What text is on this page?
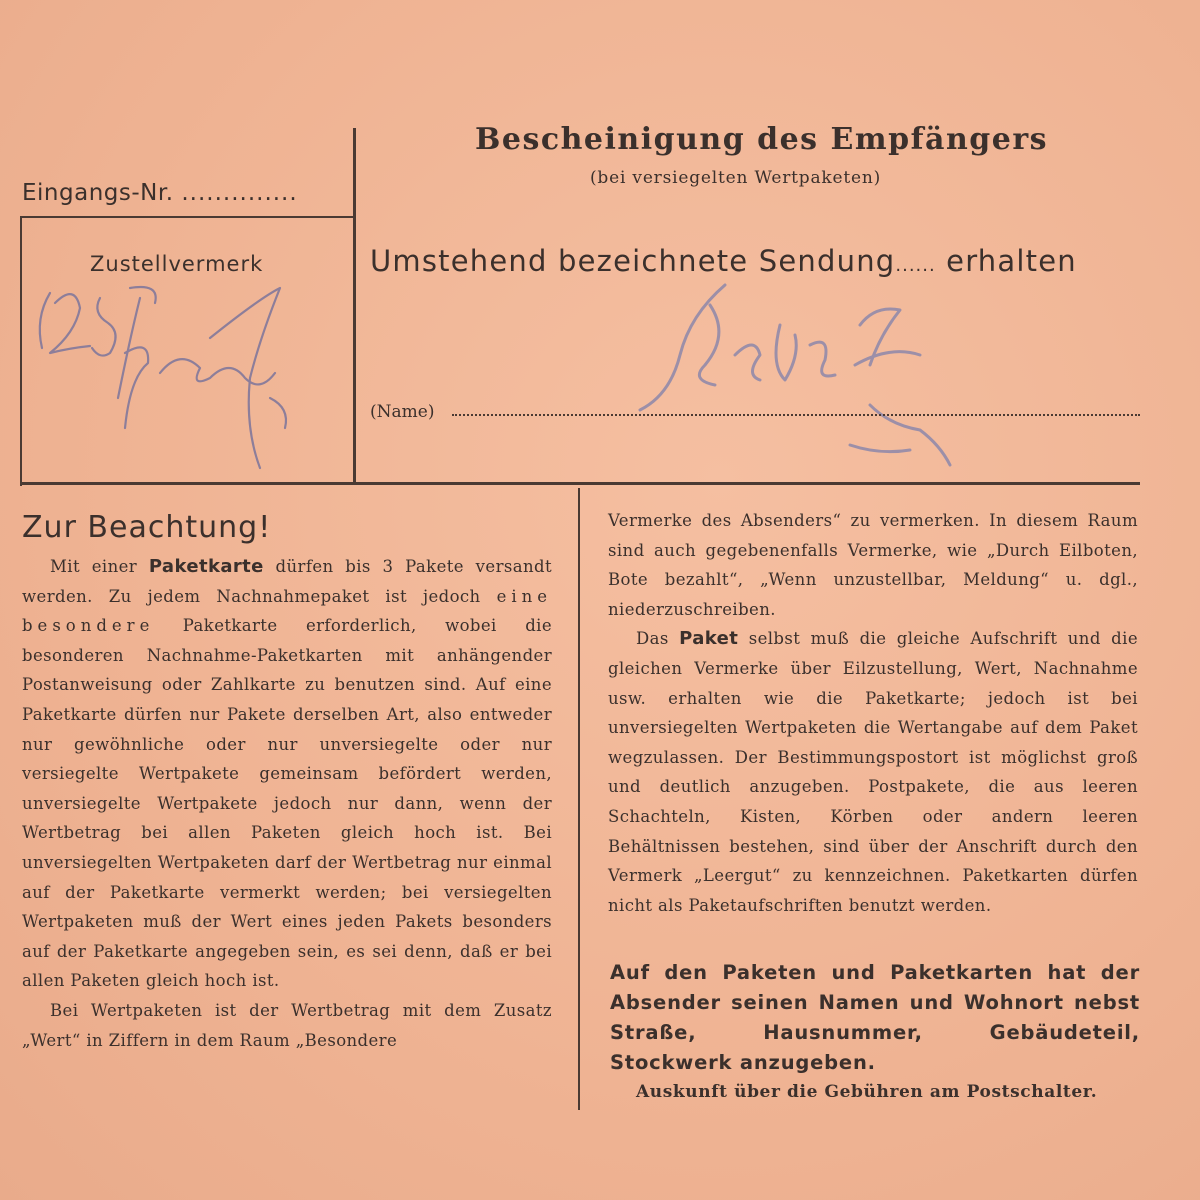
Eingangs-Nr. ..............
Zustellvermerk
Bescheinigung des Empfängers
(bei versiegelten Wertpaketen)
Umstehend bezeichnete Sendung...... erhalten
(Name)
Zur Beachtung!

Mit einer Paketkarte dürfen bis 3 Pakete versandt werden. Zu jedem Nachnahmepaket ist jedoch eine besondere Paketkarte erforderlich, wobei die besonderen Nachnahme-Paketkarten mit anhängender Postanweisung oder Zahlkarte zu benutzen sind. Auf eine Paketkarte dürfen nur Pakete derselben Art, also entweder nur gewöhnliche oder nur unversiegelte oder nur versiegelte Wertpakete gemeinsam befördert werden, unversiegelte Wertpakete jedoch nur dann, wenn der Wertbetrag bei allen Paketen gleich hoch ist. Bei unversiegelten Wertpaketen darf der Wertbetrag nur einmal auf der Paketkarte vermerkt werden; bei versiegelten Wertpaketen muß der Wert eines jeden Pakets besonders auf der Paketkarte angegeben sein, es sei denn, daß er bei allen Paketen gleich hoch ist.

Bei Wertpaketen ist der Wertbetrag mit dem Zusatz „Wert“ in Ziffern in dem Raum „Besondere

Vermerke des Absenders“ zu vermerken. In diesem Raum sind auch gegebenenfalls Vermerke, wie „Durch Eilboten, Bote bezahlt“, „Wenn unzustellbar, Meldung“ u. dgl., niederzuschreiben.

Das Paket selbst muß die gleiche Aufschrift und die gleichen Vermerke über Eilzustellung, Wert, Nachnahme usw. erhalten wie die Paketkarte; jedoch ist bei unversiegelten Wertpaketen die Wertangabe auf dem Paket wegzulassen. Der Bestimmungspostort ist möglichst groß und deutlich anzugeben. Postpakete, die aus leeren Schachteln, Kisten, Körben oder andern leeren Behältnissen bestehen, sind über der Anschrift durch den Vermerk „Leergut“ zu kennzeichnen. Paketkarten dürfen nicht als Paketaufschriften benutzt werden.

Auf den Paketen und Paketkarten hat der Absender seinen Namen und Wohnort nebst Straße, Hausnummer, Gebäudeteil, Stockwerk anzugeben.
Auskunft über die Gebühren am Postschalter.
